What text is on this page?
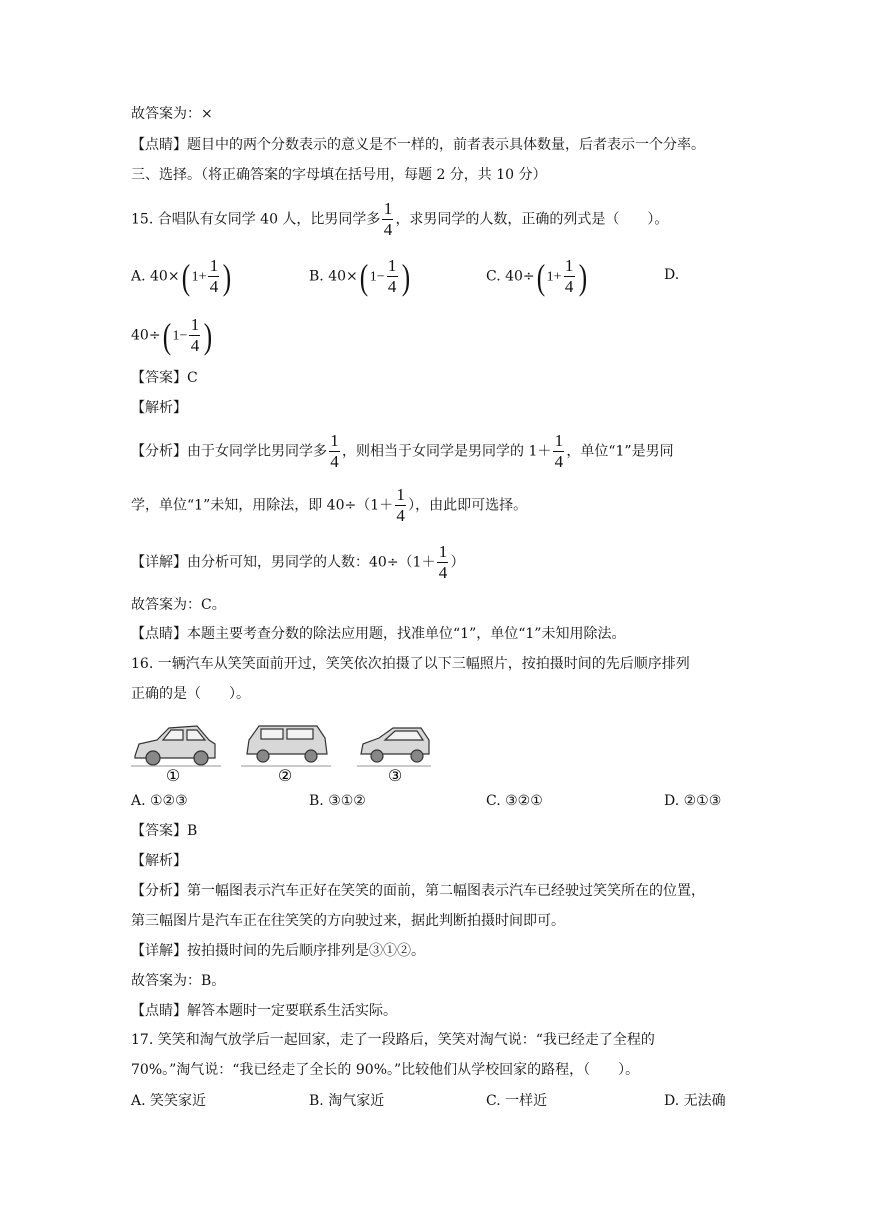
故答案为：×
【点睛】题目中的两个分数表示的意义是不一样的，前者表示具体数量，后者表示一个分率。
三、选择。（将正确答案的字母填在括号用，每题 2 分，共 10 分）
15. 合唱队有女同学 40 人，比男同学多 $\frac{1}{4}$ ，求男同学的人数，正确的列式是（　　）。
A. 40×( $1+ \frac{1}{4}$ )	B. 40×( $1- \frac{1}{4}$ )	C. 40÷( $1+ \frac{1}{4}$ )	D.
40÷( $1- \frac{1}{4}$ )
【答案】C
【解析】
【分析】由于女同学比男同学多 $\frac{1}{4}$ ，则相当于女同学是男同学的 $1+ \frac{1}{4}$ ，单位“1”是男同
学，单位“1”未知，用除法，即 $40\div(1+ \frac{1}{4}$ ），由此即可选择。
【详解】由分析可知，男同学的人数：$40\div(1+ \frac{1}{4}$ ）
故答案为：C。
【点睛】本题主要考查分数的除法应用题，找准单位“1”，单位“1”未知用除法。
16. 一辆汽车从笑笑面前开过，笑笑依次拍摄了以下三幅照片，按拍摄时间的先后顺序排列
正确的是（　　）。
①	②	③
A. ①②③	B. ③①②	C. ③②①	D. ②①③
【答案】B
【解析】
【分析】第一幅图表示汽车正好在笑笑的面前，第二幅图表示汽车已经驶过笑笑所在的位置，
第三幅图片是汽车正在往笑笑的方向驶过来，据此判断拍摄时间即可。
【详解】按拍摄时间的先后顺序排列是③①②。
故答案为：B。
【点睛】解答本题时一定要联系生活实际。
17. 笑笑和淘气放学后一起回家，走了一段路后，笑笑对淘气说：“我已经走了全程的
70%。”淘气说：“我已经走了全长的 90%。”比较他们从学校回家的路程，（　　）。
A. 笑笑家近	B. 淘气家近	C. 一样近	D. 无法确
